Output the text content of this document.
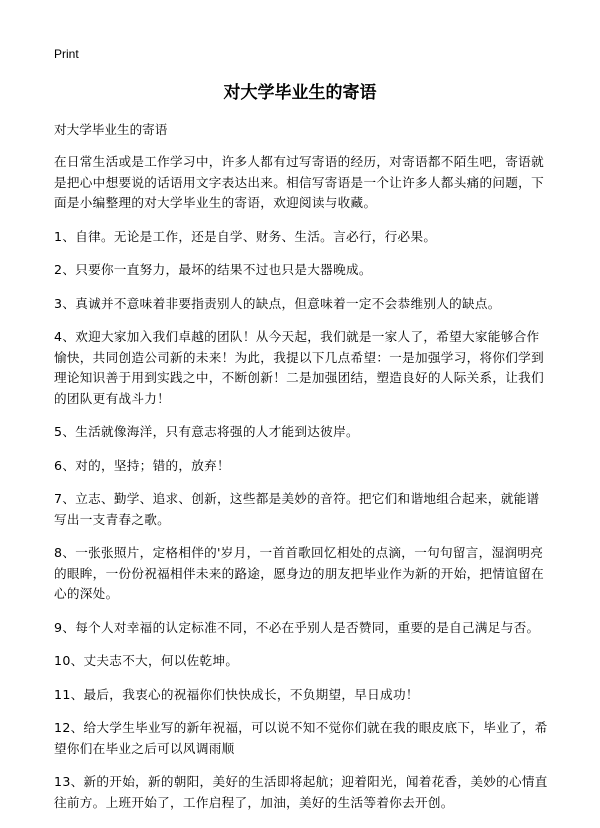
Print
对大学毕业生的寄语

对大学毕业生的寄语

在日常生活或是工作学习中，许多人都有过写寄语的经历，对寄语都不陌生吧，寄语就是把心中想要说的话语用文字表达出来。相信写寄语是一个让许多人都头痛的问题，下面是小编整理的对大学毕业生的寄语，欢迎阅读与收藏。

1、自律。无论是工作，还是自学、财务、生活。言必行，行必果。

2、只要你一直努力，最坏的结果不过也只是大器晚成。

3、真诚并不意味着非要指责别人的缺点，但意味着一定不会恭维别人的缺点。

4、欢迎大家加入我们卓越的团队！从今天起，我们就是一家人了，希望大家能够合作愉快，共同创造公司新的未来！为此，我提以下几点希望：一是加强学习，将你们学到理论知识善于用到实践之中，不断创新！二是加强团结，塑造良好的人际关系，让我们的团队更有战斗力！

5、生活就像海洋，只有意志将强的人才能到达彼岸。

6、对的，坚持；错的，放弃！

7、立志、勤学、追求、创新，这些都是美妙的音符。把它们和谐地组合起来，就能谱写出一支青春之歌。

8、一张张照片，定格相伴的'岁月，一首首歌回忆相处的点滴，一句句留言，湿润明亮的眼眸，一份份祝福相伴未来的路途，愿身边的朋友把毕业作为新的开始，把情谊留在心的深处。

9、每个人对幸福的认定标准不同，不必在乎别人是否赞同，重要的是自己满足与否。

10、丈夫志不大，何以佐乾坤。

11、最后，我衷心的祝福你们快快成长，不负期望，早日成功！

12、给大学生毕业写的新年祝福，可以说不知不觉你们就在我的眼皮底下，毕业了，希望你们在毕业之后可以风调雨顺

13、新的开始，新的朝阳，美好的生活即将起航；迎着阳光，闻着花香，美妙的心情直往前方。上班开始了，工作启程了，加油，美好的生活等着你去开创。
